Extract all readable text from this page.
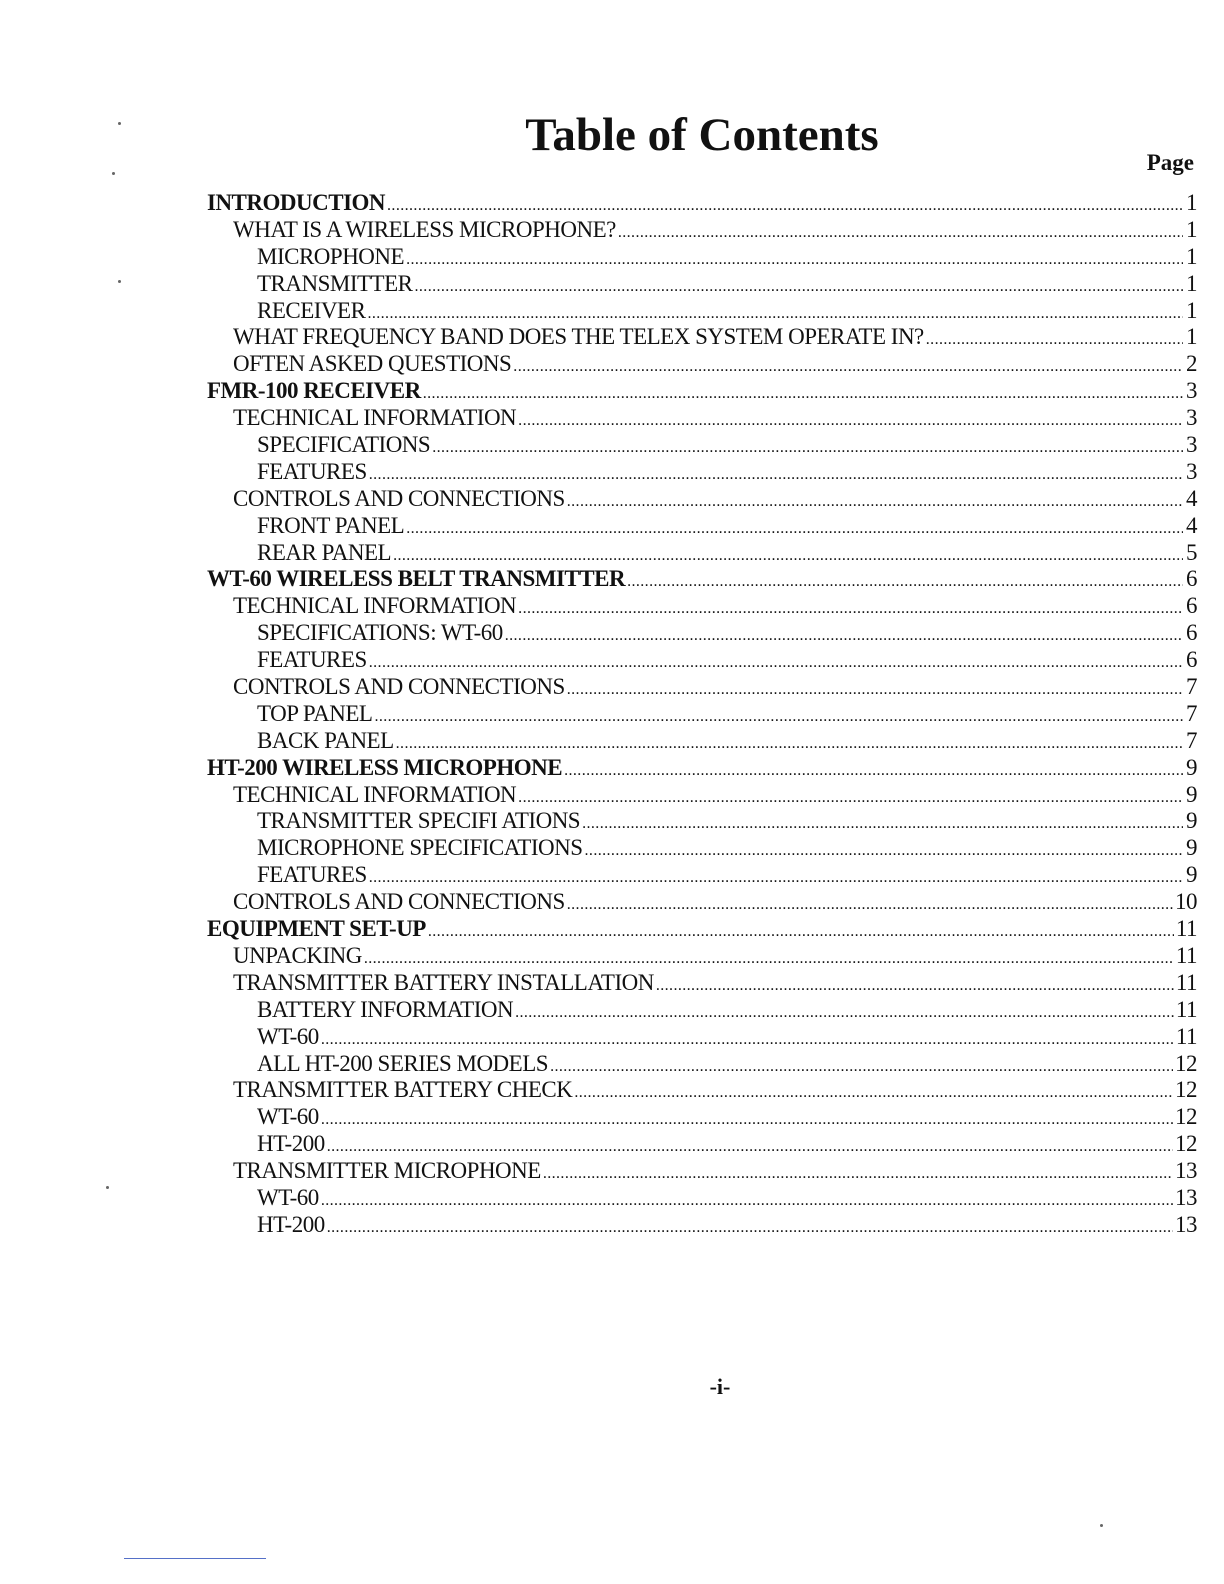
Table of Contents
Page
INTRODUCTION .....	1
WHAT IS A WIRELESS MICROPHONE? .....	1
MICROPHONE .....	1
TRANSMITTER .....	1
RECEIVER .....	1
WHAT FREQUENCY BAND DOES THE TELEX SYSTEM OPERATE IN? .....	1
OFTEN ASKED QUESTIONS .....	2
FMR-100 RECEIVER .....	3
TECHNICAL INFORMATION .....	3
SPECIFICATIONS .....	3
FEATURES .....	3
CONTROLS AND CONNECTIONS .....	4
FRONT PANEL .....	4
REAR PANEL .....	5
WT-60 WIRELESS BELT TRANSMITTER .....	6
TECHNICAL INFORMATION .....	6
SPECIFICATIONS: WT-60 .....	6
FEATURES .....	6
CONTROLS AND CONNECTIONS .....	7
TOP PANEL .....	7
BACK PANEL .....	7
HT-200 WIRELESS MICROPHONE .....	9
TECHNICAL INFORMATION .....	9
TRANSMITTER SPECIFI ATIONS .....	9
MICROPHONE SPECIFICATIONS .....	9
FEATURES .....	9
CONTROLS AND CONNECTIONS .....	10
EQUIPMENT SET-UP .....	11
UNPACKING .....	11
TRANSMITTER BATTERY INSTALLATION .....	11
BATTERY INFORMATION .....	11
WT-60 .....	11
ALL HT-200 SERIES MODELS .....	12
TRANSMITTER BATTERY CHECK .....	12
WT-60 .....	12
HT-200 .....	12
TRANSMITTER MICROPHONE .....	13
WT-60 .....	13
HT-200 .....	13
-i-
